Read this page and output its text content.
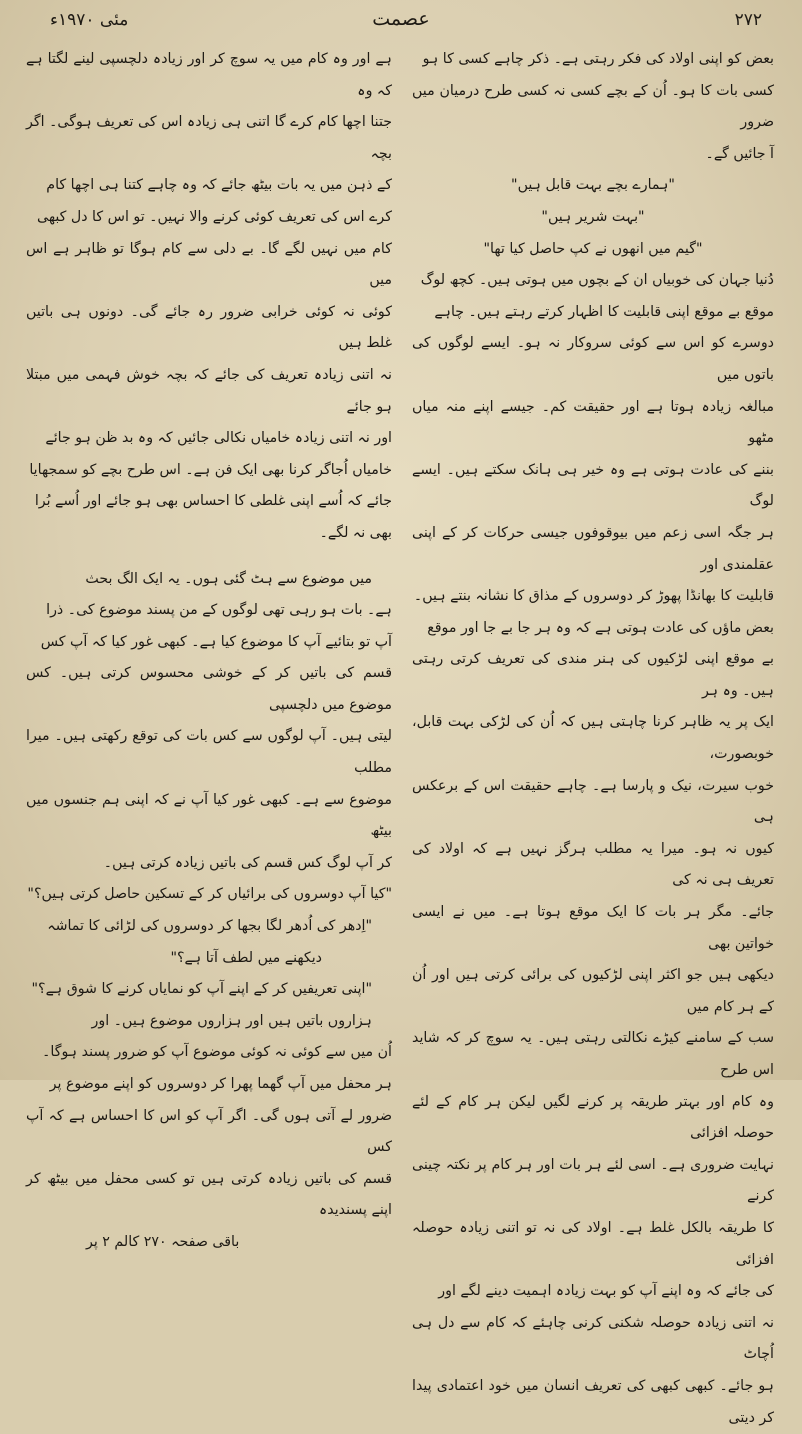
۲۷۲
عصمت
مئی ۱۹۷۰ء

بعض کو اپنی اولاد کی فکر رہتی ہے۔ ذکر چاہے کسی کا ہو

کسی بات کا ہو۔ اُن کے بچے کسی نہ کسی طرح درمیان میں ضرور

آ جائیں گے۔

"ہمارے بچے بہت قابل ہیں"

"بہت شریر ہیں"

"گیم میں انھوں نے کپ حاصل کیا تھا"

دُنیا جہان کی خوبیاں ان کے بچوں میں ہوتی ہیں۔ کچھ لوگ

موقع بے موقع اپنی قابلیت کا اظہار کرتے رہتے ہیں۔ چاہے

دوسرے کو اس سے کوئی سروکار نہ ہو۔ ایسے لوگوں کی باتوں میں

مبالغہ زیادہ ہوتا ہے اور حقیقت کم۔ جیسے اپنے منہ میاں مٹھو

بننے کی عادت ہوتی ہے وہ خیر ہی ہانک سکتے ہیں۔ ایسے لوگ

ہر جگہ اسی زعم میں بیوقوفوں جیسی حرکات کر کے اپنی عقلمندی اور

قابلیت کا بھانڈا پھوڑ کر دوسروں کے مذاق کا نشانہ بنتے ہیں۔

بعض ماؤں کی عادت ہوتی ہے کہ وہ ہر جا بے جا اور موقع

بے موقع اپنی لڑکیوں کی ہنر مندی کی تعریف کرتی رہتی ہیں۔ وہ ہر

ایک پر یہ ظاہر کرنا چاہتی ہیں کہ اُن کی لڑکی بہت قابل، خوبصورت،

خوب سیرت، نیک و پارسا ہے۔ چاہے حقیقت اس کے برعکس ہی

کیوں نہ ہو۔ میرا یہ مطلب ہرگز نہیں ہے کہ اولاد کی تعریف ہی نہ کی

جائے۔ مگر ہر بات کا ایک موقع ہوتا ہے۔ میں نے ایسی خواتین بھی

دیکھی ہیں جو اکثر اپنی لڑکیوں کی برائی کرتی ہیں اور اُن کے ہر کام میں

سب کے سامنے کیڑے نکالتی رہتی ہیں۔ یہ سوچ کر کہ شاید اس طرح

وہ کام اور بہتر طریقہ پر کرنے لگیں لیکن ہر کام کے لئے حوصلہ افزائی

نہایت ضروری ہے۔ اسی لئے ہر بات اور ہر کام پر نکتہ چینی کرنے

کا طریقہ بالکل غلط ہے۔ اولاد کی نہ تو اتنی زیادہ حوصلہ افزائی

کی جائے کہ وہ اپنے آپ کو بہت زیادہ اہمیت دینے لگے اور

نہ اتنی زیادہ حوصلہ شکنی کرنی چاہئے کہ کام سے دل ہی اُچاٹ

ہو جائے۔ کبھی کبھی کی تعریف انسان میں خود اعتمادی پیدا کر دیتی

ہے اور وہ کام میں یہ سوچ کر اور زیادہ دلچسپی لینے لگتا ہے کہ وہ

جتنا اچھا کام کرے گا اتنی ہی زیادہ اس کی تعریف ہوگی۔ اگر بچہ

کے ذہن میں یہ بات بیٹھ جائے کہ وہ چاہے کتنا ہی اچھا کام

کرے اس کی تعریف کوئی کرنے والا نہیں۔ تو اس کا دل کبھی

کام میں نہیں لگے گا۔ بے دلی سے کام ہوگا تو ظاہر ہے اس میں

کوئی نہ کوئی خرابی ضرور رہ جائے گی۔ دونوں ہی باتیں غلط ہیں

نہ اتنی زیادہ تعریف کی جائے کہ بچہ خوش فہمی میں مبتلا ہو جائے

اور نہ اتنی زیادہ خامیاں نکالی جائیں کہ وہ بد ظن ہو جائے

خامیاں اُجاگر کرنا بھی ایک فن ہے۔ اس طرح بچے کو سمجھایا

جائے کہ اُسے اپنی غلطی کا احساس بھی ہو جائے اور اُسے بُرا

بھی نہ لگے۔

میں موضوع سے ہٹ گئی ہوں۔ یہ ایک الگ بحث

ہے۔ بات ہو رہی تھی لوگوں کے من پسند موضوع کی۔ ذرا

آپ تو بتائیے آپ کا موضوع کیا ہے۔ کبھی غور کیا کہ آپ کس

قسم کی باتیں کر کے خوشی محسوس کرتی ہیں۔ کس موضوع میں دلچسپی

لیتی ہیں۔ آپ لوگوں سے کس بات کی توقع رکھتی ہیں۔ میرا مطلب

موضوع سے ہے۔ کبھی غور کیا آپ نے کہ اپنی ہم جنسوں میں بیٹھ

کر آپ لوگ کس قسم کی باتیں زیادہ کرتی ہیں۔

"کیا آپ دوسروں کی برائیاں کر کے تسکین حاصل کرتی ہیں؟"

"اِدھر کی اُدھر لگا بجھا کر دوسروں کی لڑائی کا تماشہ

دیکھنے میں لطف آتا ہے؟"

"اپنی تعریفیں کر کے اپنے آپ کو نمایاں کرنے کا شوق ہے؟"

ہزاروں باتیں ہیں اور ہزاروں موضوع ہیں۔ اور

اُن میں سے کوئی نہ کوئی موضوع آپ کو ضرور پسند ہوگا۔

ہر محفل میں آپ گھما پھرا کر دوسروں کو اپنے موضوع پر

ضرور لے آتی ہوں گی۔ اگر آپ کو اس کا احساس ہے کہ آپ کس

قسم کی باتیں زیادہ کرتی ہیں تو کسی محفل میں بیٹھ کر اپنے پسندیدہ

باقی صفحہ ۲۷۰ کالم ۲ پر
